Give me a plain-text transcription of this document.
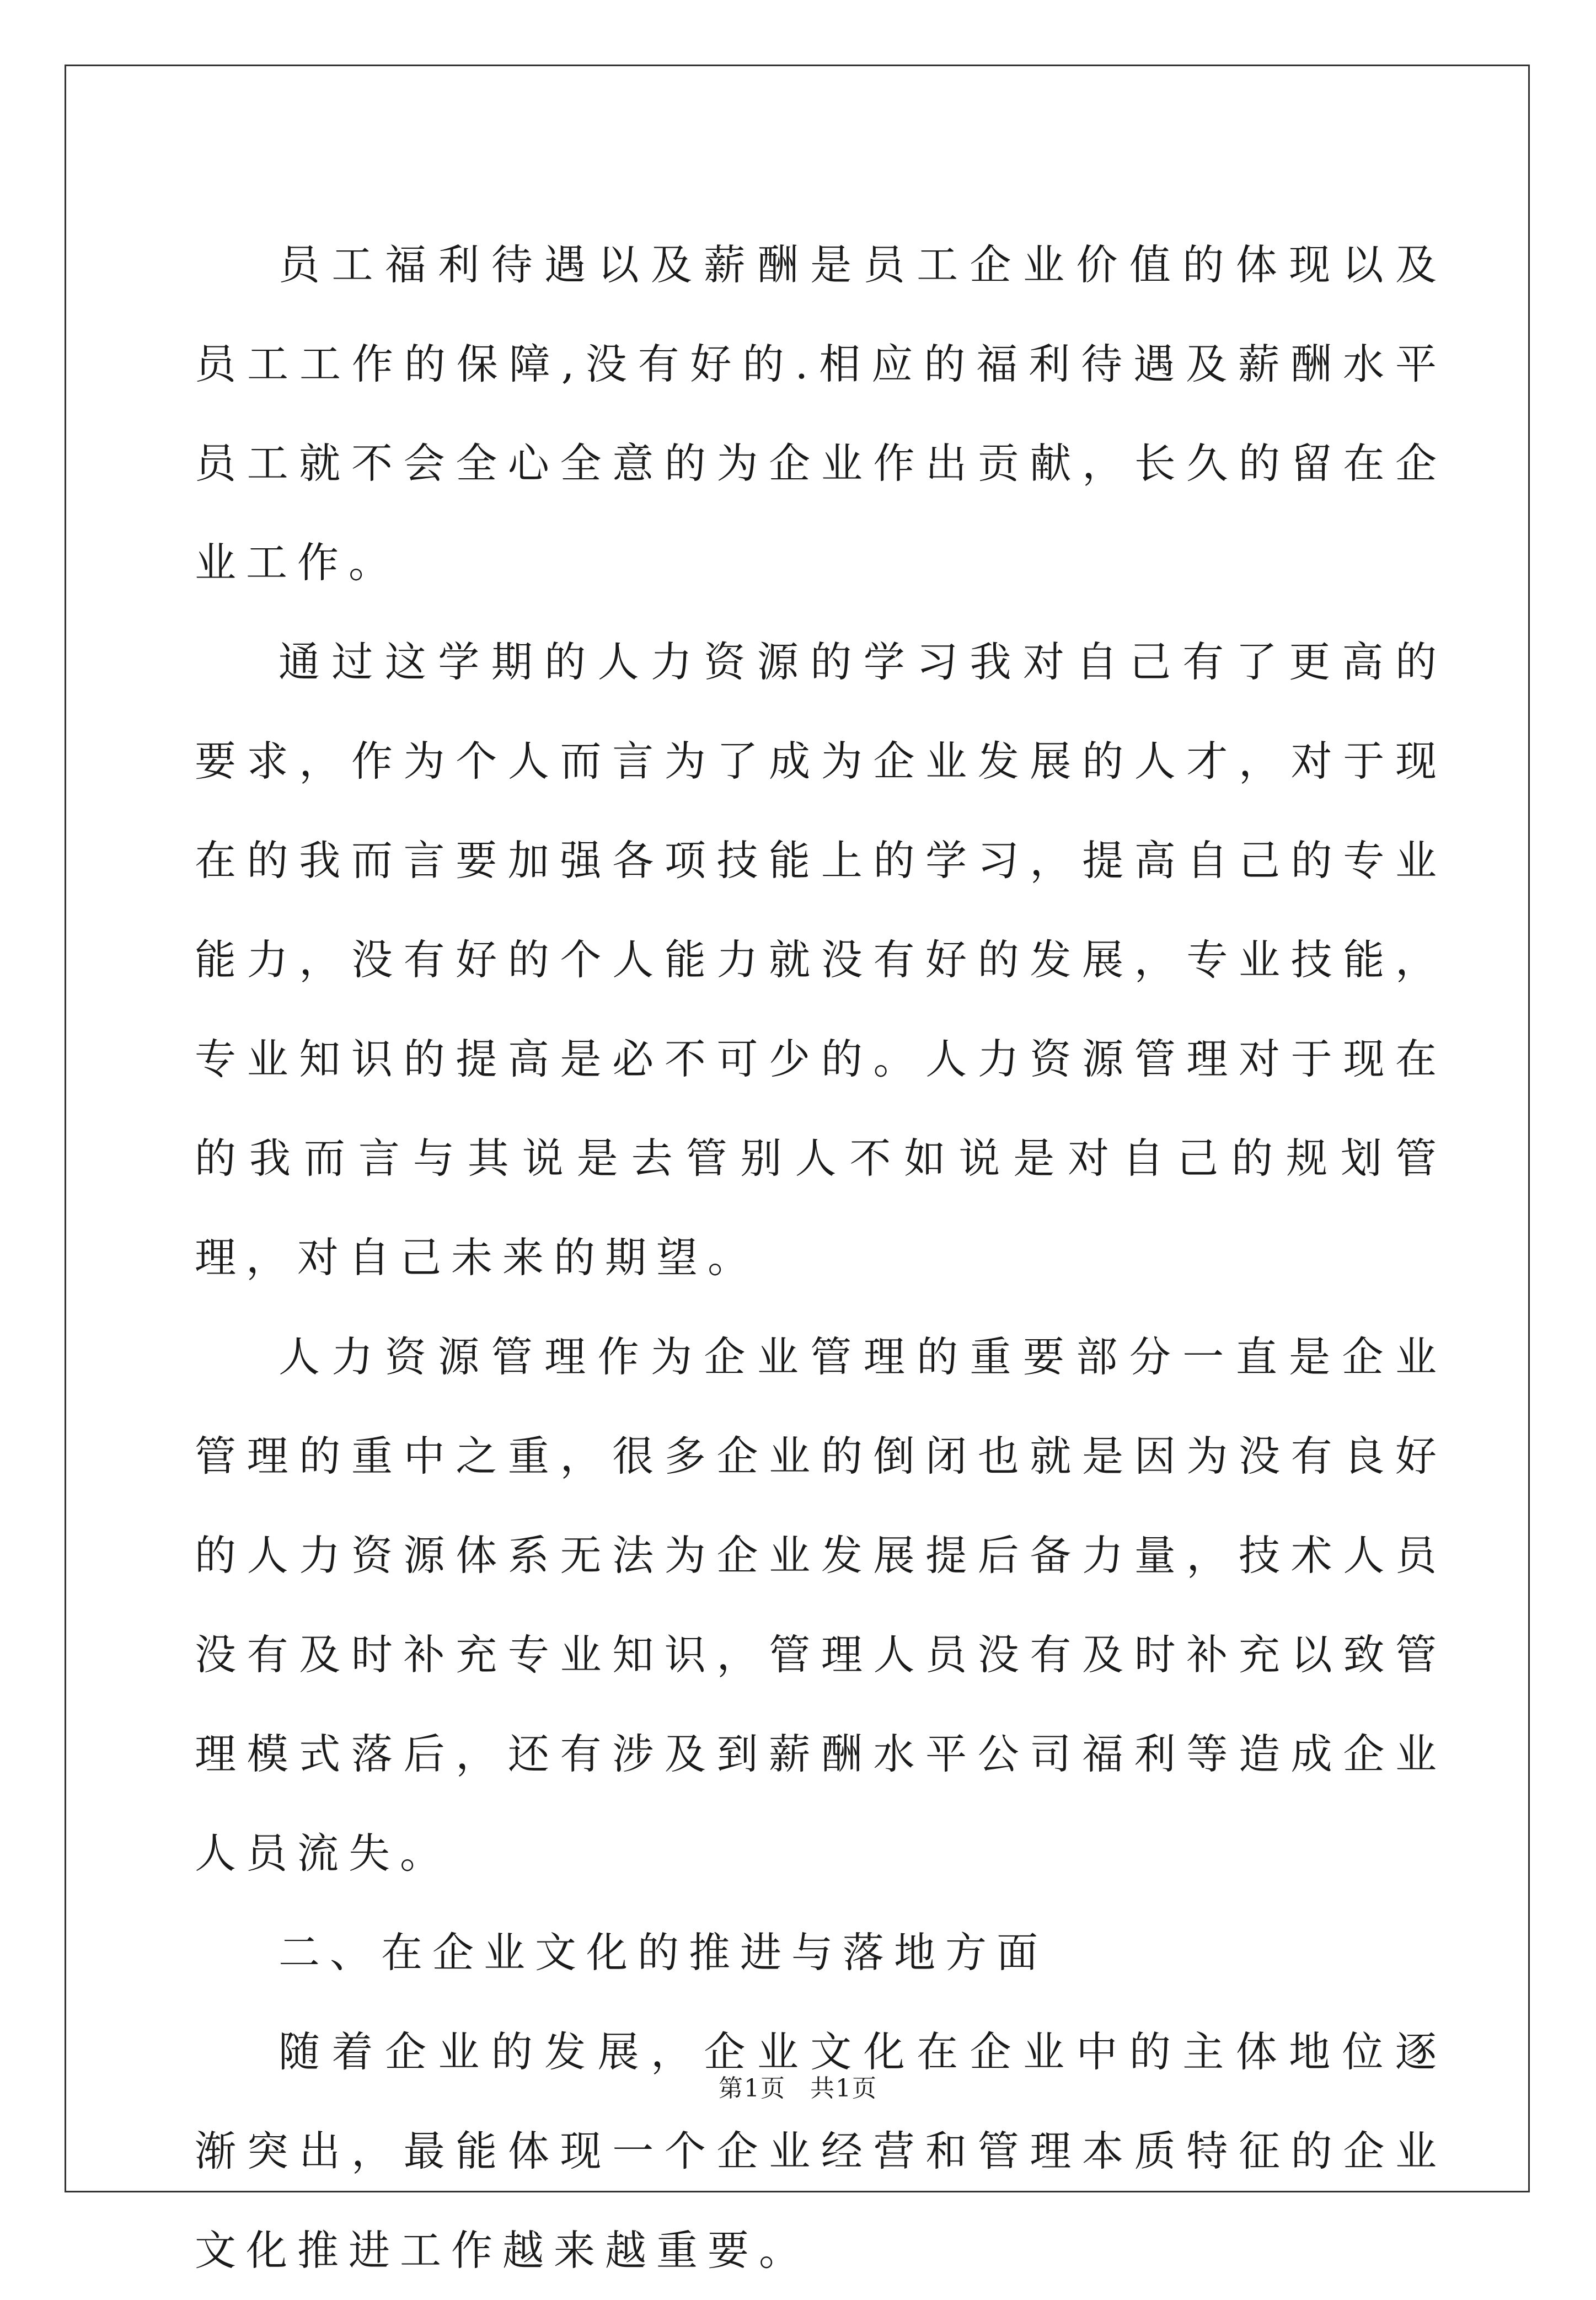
员工福利待遇以及薪酬是员工企业价值的体现以及员工工作的保障,没有好的.相应的福利待遇及薪酬水平员工就不会全心全意的为企业作出贡献，长久的留在企业工作。

通过这学期的人力资源的学习我对自己有了更高的要求，作为个人而言为了成为企业发展的人才，对于现在的我而言要加强各项技能上的学习，提高自己的专业能力，没有好的个人能力就没有好的发展，专业技能，专业知识的提高是必不可少的。人力资源管理对于现在的我而言与其说是去管别人不如说是对自己的规划管理，对自己未来的期望。

人力资源管理作为企业管理的重要部分一直是企业管理的重中之重，很多企业的倒闭也就是因为没有良好的人力资源体系无法为企业发展提后备力量，技术人员没有及时补充专业知识，管理人员没有及时补充以致管理模式落后，还有涉及到薪酬水平公司福利等造成企业人员流失。

二、在企业文化的推进与落地方面

随着企业的发展，企业文化在企业中的主体地位逐渐突出，最能体现一个企业经营和管理本质特征的企业文化推进工作越来越重要。

第1页 共1页
